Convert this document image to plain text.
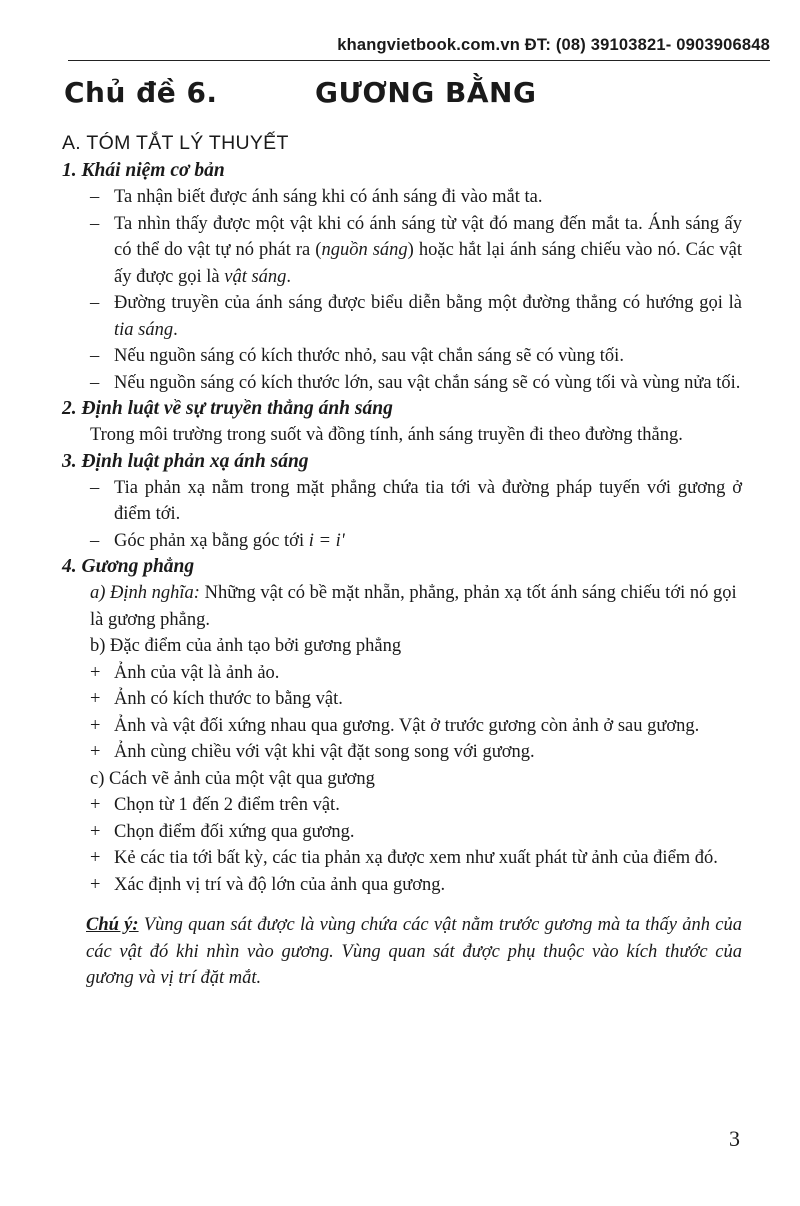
khangvietbook.com.vn ĐT: (08) 39103821- 0903906848
Chủ đề 6.	GƯƠNG BẰNG
A. TÓM TẮT LÝ THUYẾT
1. Khái niệm cơ bản
– Ta nhận biết được ánh sáng khi có ánh sáng đi vào mắt ta.
– Ta nhìn thấy được một vật khi có ánh sáng từ vật đó mang đến mắt ta. Ánh sáng ấy có thể do vật tự nó phát ra (nguồn sáng) hoặc hắt lại ánh sáng chiếu vào nó. Các vật ấy được gọi là vật sáng.
– Đường truyền của ánh sáng được biểu diễn bằng một đường thẳng có hướng gọi là tia sáng.
– Nếu nguồn sáng có kích thước nhỏ, sau vật chắn sáng sẽ có vùng tối.
– Nếu nguồn sáng có kích thước lớn, sau vật chắn sáng sẽ có vùng tối và vùng nửa tối.
2. Định luật về sự truyền thẳng ánh sáng
Trong môi trường trong suốt và đồng tính, ánh sáng truyền đi theo đường thẳng.
3. Định luật phản xạ ánh sáng
– Tia phản xạ nằm trong mặt phẳng chứa tia tới và đường pháp tuyến với gương ở điểm tới.
– Góc phản xạ bằng góc tới i = i'
4. Gương phẳng
a) Định nghĩa: Những vật có bề mặt nhẵn, phẳng, phản xạ tốt ánh sáng chiếu tới nó gọi là gương phẳng.
b) Đặc điểm của ảnh tạo bởi gương phẳng
+ Ảnh của vật là ảnh ảo.
+ Ảnh có kích thước to bằng vật.
+ Ảnh và vật đối xứng nhau qua gương. Vật ở trước gương còn ảnh ở sau gương.
+ Ảnh cùng chiều với vật khi vật đặt song song với gương.
c) Cách vẽ ảnh của một vật qua gương
+ Chọn từ 1 đến 2 điểm trên vật.
+ Chọn điểm đối xứng qua gương.
+ Kẻ các tia tới bất kỳ, các tia phản xạ được xem như xuất phát từ ảnh của điểm đó.
+ Xác định vị trí và độ lớn của ảnh qua gương.
Chú ý: Vùng quan sát được là vùng chứa các vật nằm trước gương mà ta thấy ảnh của các vật đó khi nhìn vào gương. Vùng quan sát được phụ thuộc vào kích thước của gương và vị trí đặt mắt.
3
